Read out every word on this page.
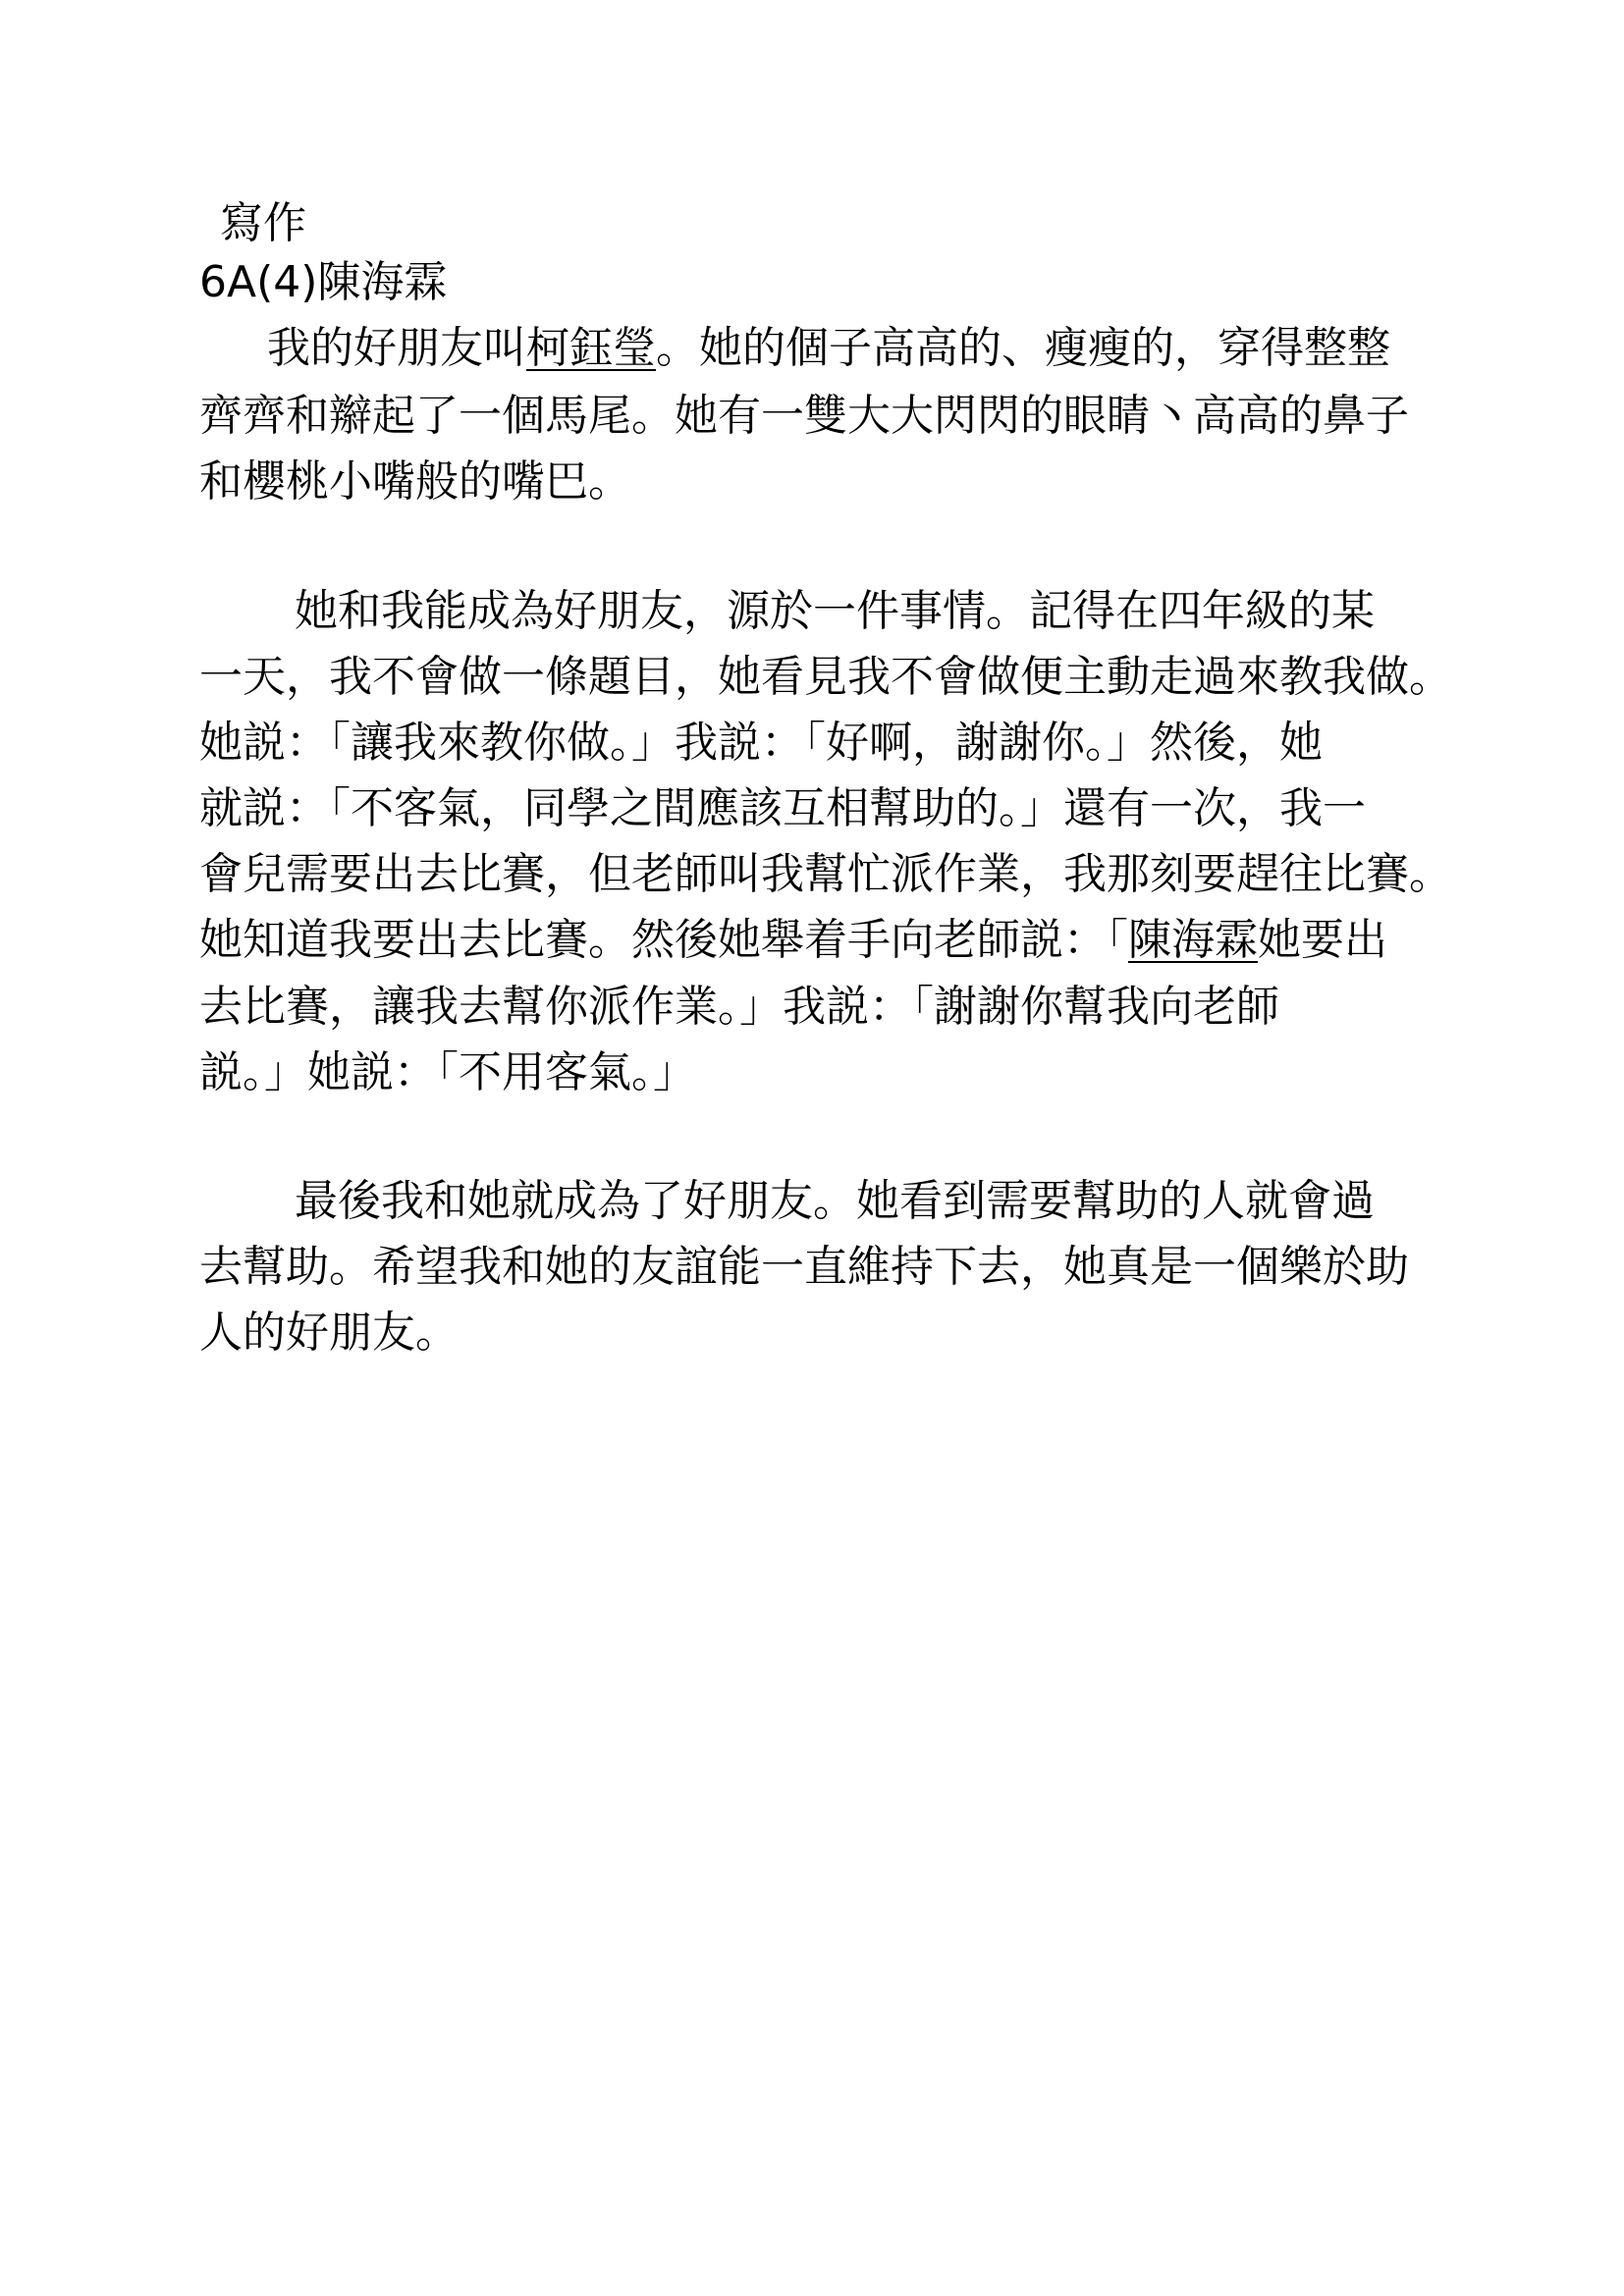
寫作
6A(4)陳海霖
我的好朋友叫柯鈺瑩。她的個子高高的、瘦瘦的，穿得整整
齊齊和辮起了一個馬尾。她有一雙大大閃閃的眼睛丶高高的鼻子
和櫻桃小嘴般的嘴巴。
她和我能成為好朋友，源於一件事情。記得在四年級的某
一天，我不會做一條題目，她看見我不會做便主動走過來教我做。
她説：「讓我來教你做。」我説：「好啊，謝謝你。」然後，她
就説：「不客氣，同學之間應該互相幫助的。」還有一次，我一
會兒需要出去比賽，但老師叫我幫忙派作業，我那刻要趕往比賽。
她知道我要出去比賽。然後她舉着手向老師説：「陳海霖她要出
去比賽，讓我去幫你派作業。」我説：「謝謝你幫我向老師
説。」她説：「不用客氣。」
最後我和她就成為了好朋友。她看到需要幫助的人就會過
去幫助。希望我和她的友誼能一直維持下去，她真是一個樂於助
人的好朋友。
